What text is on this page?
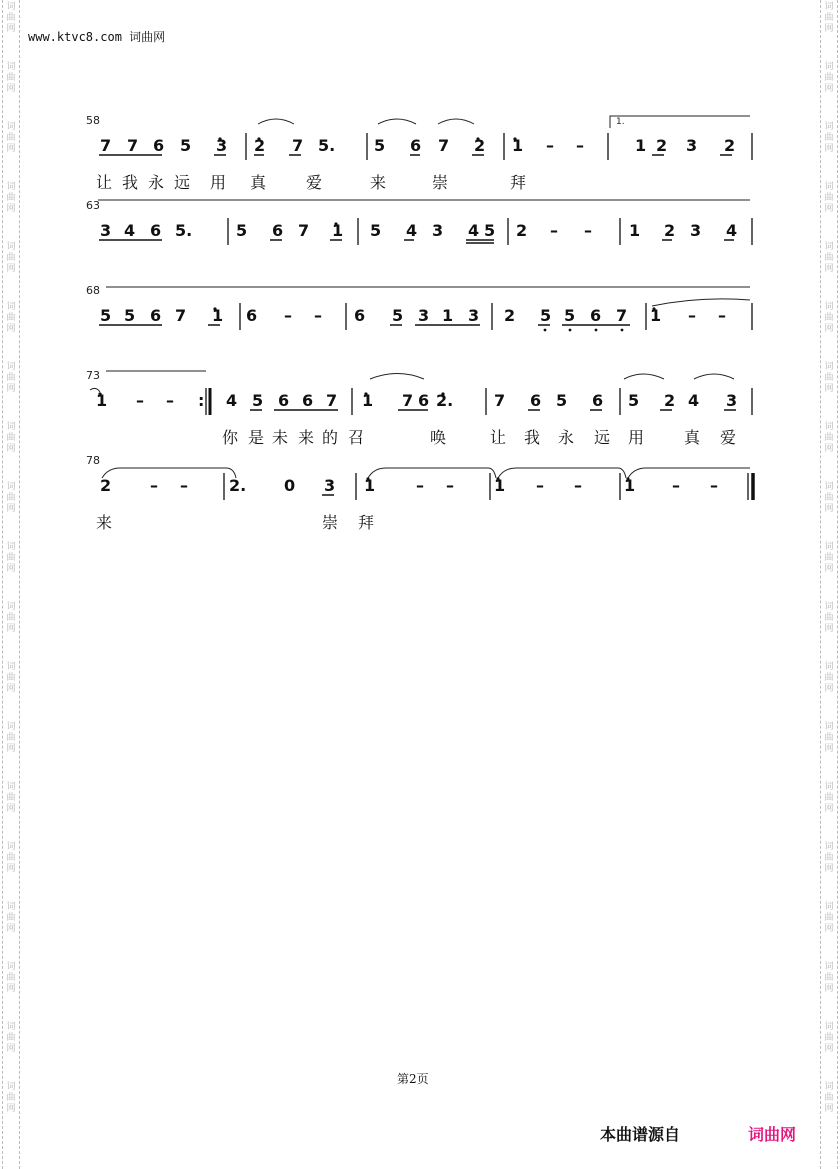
词
曲
网
词
曲
网
词
曲
网
词
曲
网
词
曲
网
词
曲
网
词
曲
网
词
曲
网
词
曲
网
词
曲
网
词
曲
网
词
曲
网
词
曲
网
词
曲
网
词
曲
网
词
曲
网
词
曲
网
词
曲
网
词
曲
网
词
曲
网
词
曲
网
词
曲
网
词
曲
网
词
曲
网
词
曲
网
词
曲
网
词
曲
网
词
曲
网
词
曲
网
词
曲
网
词
曲
网
词
曲
网
词
曲
网
词
曲
网
词
曲
网
词
曲
网
词
曲
网
词
曲
网
www.ktvc8.com 词曲网
58
63
68
73
78
1.
7 7 6 5 3 2 7 5. 5 6 7 2 1 – –	1 2 3 2
让 我 永 远 用 真 爱	来	崇	拜
3 4 6 5.	5 6 7 1 5 4 3 4 5 2 – – 1 2 3 4
5 5 6 7 1 6 – – 6 5 3 1 3 2 5 5 6 7 1 – –
1 – – : 4 5 6 6 7 1 7 6 2.	7 6 5 6 5 2 4 3
你 是 未 来 的 召	唤	让 我 永 远 用 真 爱
2 – –	2. 0 3 1	– –	1 – –	1 – –
来	崇 拜
第2页
本曲谱源自	词曲网
